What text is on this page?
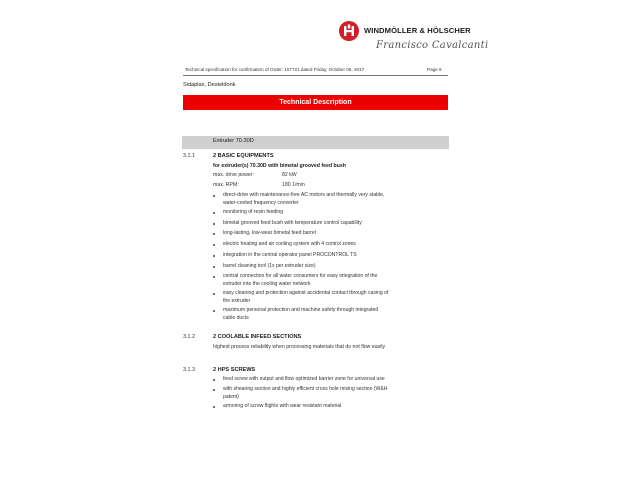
WINDMÖLLER & HÖLSCHER
Francisco Cavalcanti
Technical specification for confirmation of Order: 107721 dated Friday, October 06, 2017	Page 9
Sidaplax, Desteldonk
Technical Description
Extruder 70.30D
3.1.1	2 BASIC EQUIPMENTS
for extruder(s) 70.30D with bimetal grooved feed bush
max. drive power:	82 kW
max. RPM:	180 1/min
direct-drive with maintenance-free AC motors and thermally very stable,
water-cooled frequency converter
monitoring of resin feeding
bimetal grooved feed bush with temperature control capability
long-lasting, low-wear bimetal feed barrel
electric heating and air cooling system with 4 control zones
integration in the central operator panel PROCONTROL TS
barrel cleaning tool (1x per extruder size)
central connection for all water consumers for easy integration of the
extruder into the cooling water network
easy cleaning and protection against accidental contact through casing of
the extruder
maximum personal protection and machine safety through integrated
cable ducts
3.1.2	2 COOLABLE INFEED SECTIONS
highest process reliability when processing materials that do not flow easily
3.1.3	2 HPS SCREWS
feed screw with output and flow optimized barrier zone for universal use
with shearing section and highly efficient cross hole mixing section (W&H
patent)
armoring of screw flights with wear resistant material
